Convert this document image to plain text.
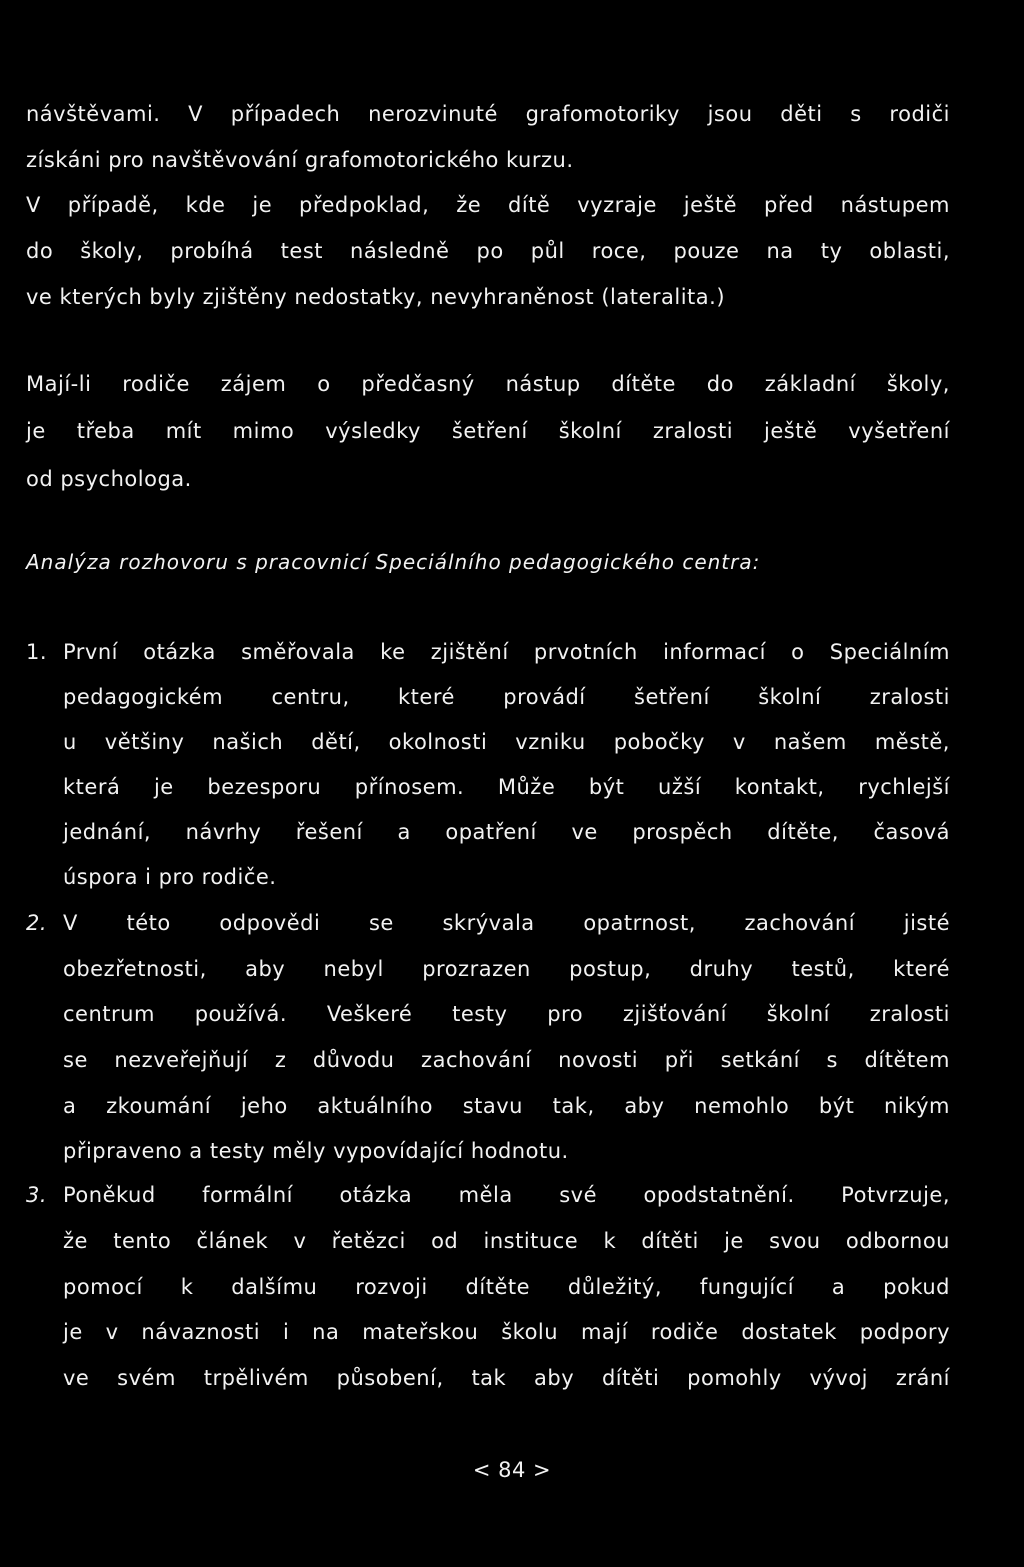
návštěvami. V případech nerozvinuté grafomotoriky jsou děti s rodiči
získáni pro navštěvování grafomotorického kurzu.
V případě, kde je předpoklad, že dítě vyzraje ještě před nástupem
do školy, probíhá test následně po půl roce, pouze na ty oblasti,
ve kterých byly zjištěny nedostatky, nevyhraněnost (lateralita.)
Mají-li rodiče zájem o předčasný nástup dítěte do základní školy,
je třeba mít mimo výsledky šetření školní zralosti ještě vyšetření
od psychologa.
Analýza rozhovoru s pracovnicí Speciálního pedagogického centra:
1. První otázka směřovala ke zjištění prvotních informací o Speciálním
pedagogickém centru, které provádí šetření školní zralosti
u většiny našich dětí, okolnosti vzniku pobočky v našem městě,
která je bezesporu přínosem. Může být užší kontakt, rychlejší
jednání, návrhy řešení a opatření ve prospěch dítěte, časová
úspora i pro rodiče.
2. V této odpovědi se skrývala opatrnost, zachování jisté
obezřetnosti, aby nebyl prozrazen postup, druhy testů, které
centrum používá. Veškeré testy pro zjišťování školní zralosti
se nezveřejňují z důvodu zachování novosti při setkání s dítětem
a zkoumání jeho aktuálního stavu tak, aby nemohlo být nikým
připraveno a testy měly vypovídající hodnotu.
3. Poněkud formální otázka měla své opodstatnění. Potvrzuje,
že tento článek v řetězci od instituce k dítěti je svou odbornou
pomocí k dalšímu rozvoji dítěte důležitý, fungující a pokud
je v návaznosti i na mateřskou školu mají rodiče dostatek podpory
ve svém trpělivém působení, tak aby dítěti pomohly vývoj zrání
< 84 >
